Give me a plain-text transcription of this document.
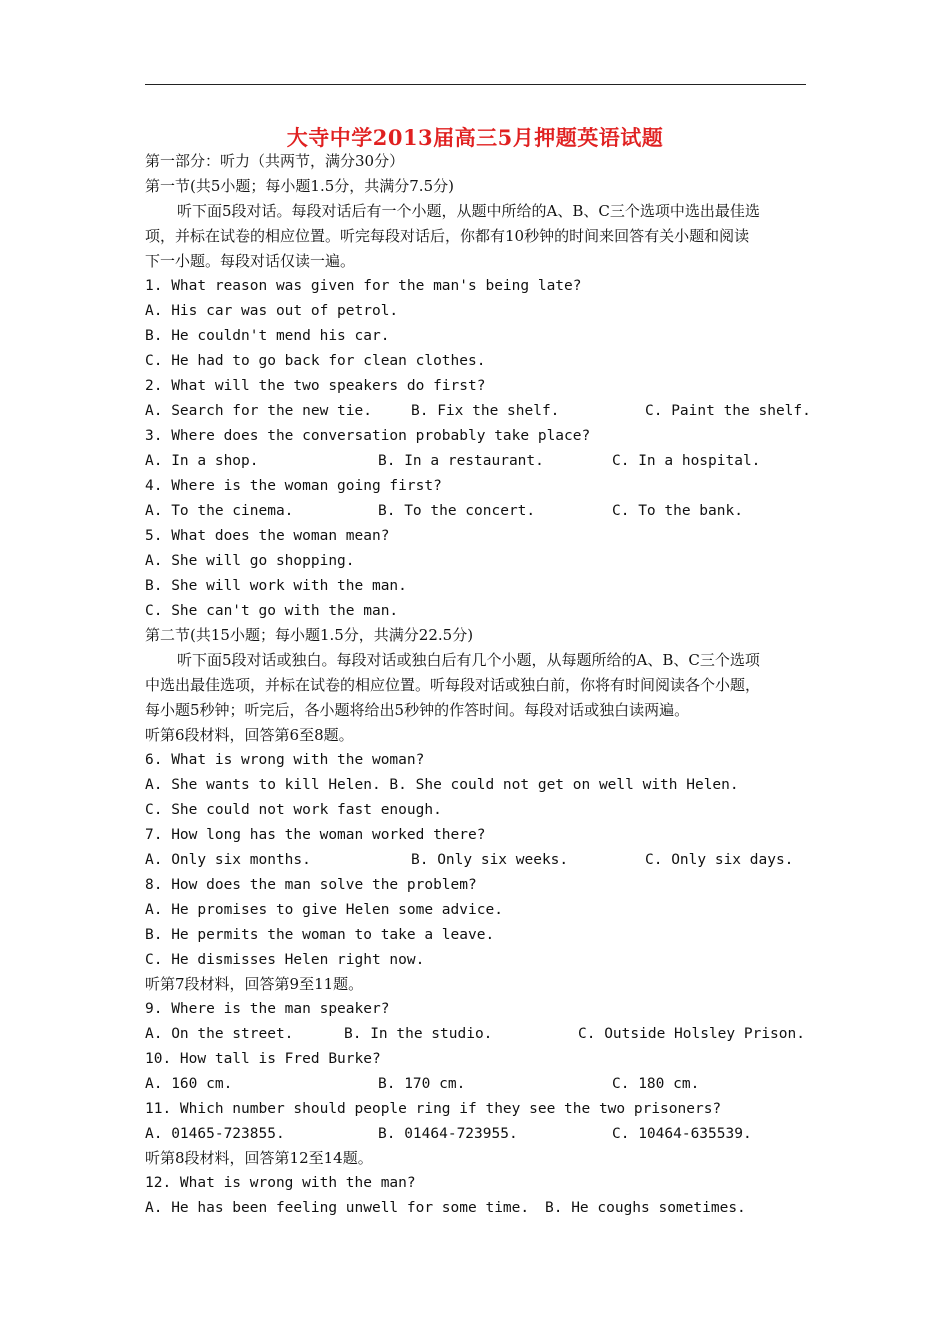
大寺中学2013届高三5月押题英语试题
第一部分：听力（共两节，满分30分）
第一节(共5小题；每小题1.5分，共满分7.5分)
听下面5段对话。每段对话后有一个小题，从题中所给的A、B、C三个选项中选出最佳选
项，并标在试卷的相应位置。听完每段对话后，你都有10秒钟的时间来回答有关小题和阅读
下一小题。每段对话仅读一遍。
1. What reason was given for the man's being late?
A. His car was out of petrol.
B. He couldn't mend his car.
C. He had to go back for clean clothes.
2. What will the two speakers do first?
A. Search for the new tie.	B. Fix the shelf.	C. Paint the shelf.
3. Where does the conversation probably take place?
A. In a shop.	B. In a restaurant.	C. In a hospital.
4. Where is the woman going first?
A. To the cinema.	B. To the concert.	C. To the bank.
5. What does the woman mean?
A. She will go shopping.
B. She will work with the man.
C. She can't go with the man.
第二节(共15小题；每小题1.5分，共满分22.5分)
听下面5段对话或独白。每段对话或独白后有几个小题，从每题所给的A、B、C三个选项
中选出最佳选项，并标在试卷的相应位置。听每段对话或独白前，你将有时间阅读各个小题，
每小题5秒钟；听完后，各小题将给出5秒钟的作答时间。每段对话或独白读两遍。
听第6段材料，回答第6至8题。
6. What is wrong with the woman?
A. She wants to kill Helen. B. She could not get on well with Helen.
C. She could not work fast enough.
7. How long has the woman worked there?
A. Only six months.	B. Only six weeks.	C. Only six days.
8. How does the man solve the problem?
A. He promises to give Helen some advice.
B. He permits the woman to take a leave.
C. He dismisses Helen right now.
听第7段材料，回答第9至11题。
9. Where is the man speaker?
A. On the street.	B. In the studio.	C. Outside Holsley Prison.
10. How tall is Fred Burke?
A. 160 cm.	B. 170 cm.	C. 180 cm.
11. Which number should people ring if they see the two prisoners?
A. 01465-723855.	B. 01464-723955.	C. 10464-635539.
听第8段材料，回答第12至14题。
12. What is wrong with the man?
A. He has been feeling unwell for some time. B. He coughs sometimes.
